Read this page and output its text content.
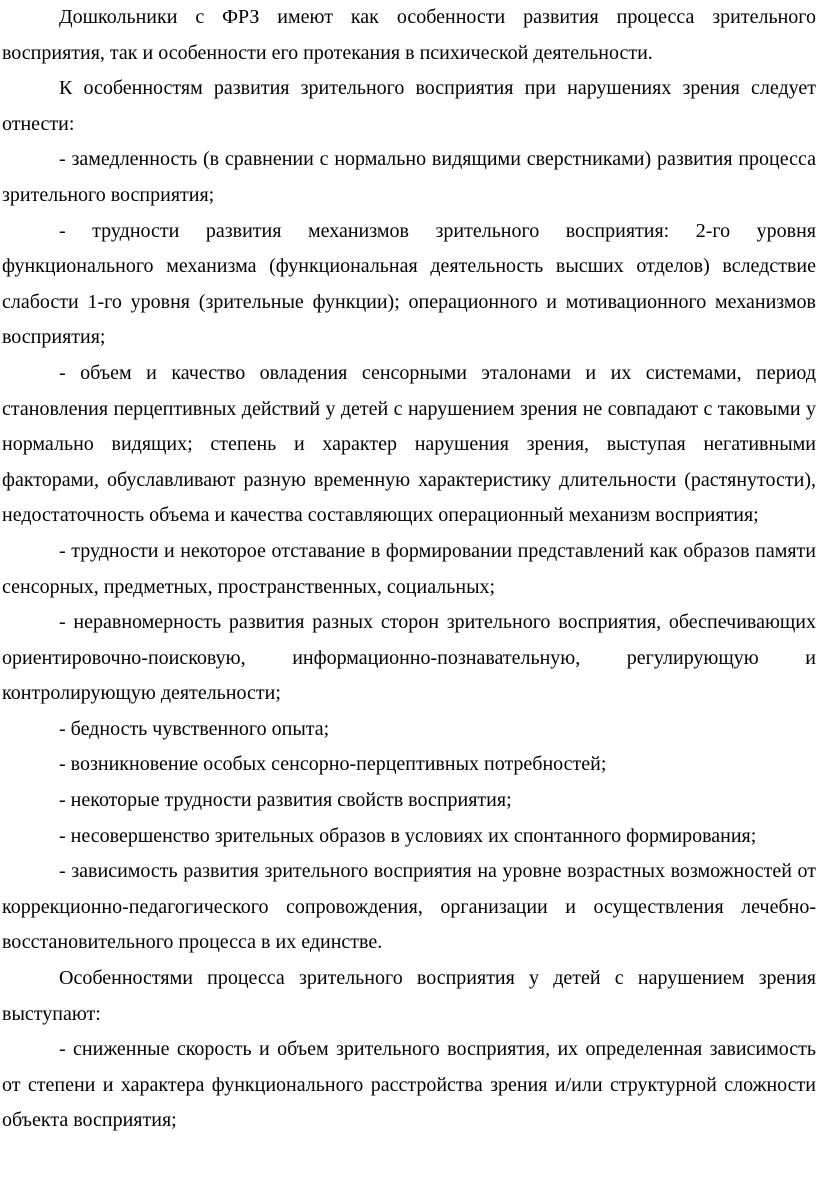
Дошкольники с ФРЗ имеют как особенности развития процесса зрительного восприятия, так и особенности его протекания в психической деятельности.

К особенностям развития зрительного восприятия при нарушениях зрения следует отнести:

- замедленность (в сравнении с нормально видящими сверстниками) развития процесса зрительного восприятия;

- трудности развития механизмов зрительного восприятия: 2-го уровня функционального механизма (функциональная деятельность высших отделов) вследствие слабости 1-го уровня (зрительные функции); операционного и мотивационного механизмов восприятия;

- объем и качество овладения сенсорными эталонами и их системами, период становления перцептивных действий у детей с нарушением зрения не совпадают с таковыми у нормально видящих; степень и характер нарушения зрения, выступая негативными факторами, обуславливают разную временную характеристику длительности (растянутости), недостаточность объема и качества составляющих операционный механизм восприятия;

- трудности и некоторое отставание в формировании представлений как образов памяти сенсорных, предметных, пространственных, социальных;

- неравномерность развития разных сторон зрительного восприятия, обеспечивающих ориентировочно-поисковую, информационно-познавательную, регулирующую и контролирующую деятельности;

- бедность чувственного опыта;

- возникновение особых сенсорно-перцептивных потребностей;

- некоторые трудности развития свойств восприятия;

- несовершенство зрительных образов в условиях их спонтанного формирования;

- зависимость развития зрительного восприятия на уровне возрастных возможностей от коррекционно-педагогического сопровождения, организации и осуществления лечебно-восстановительного процесса в их единстве.

Особенностями процесса зрительного восприятия у детей с нарушением зрения выступают:

- сниженные скорость и объем зрительного восприятия, их определенная зависимость от степени и характера функционального расстройства зрения и/или структурной сложности объекта восприятия;
